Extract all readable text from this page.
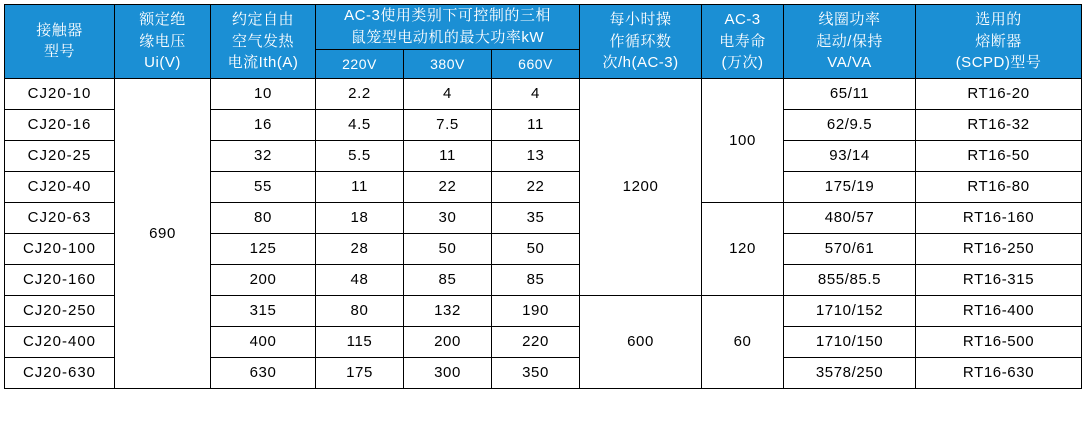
接触器
型号	额定绝
缘电压
Ui(V)	约定自由
空气发热
电流Ith(A)	AC-3使用类别下可控制的三相
鼠笼型电动机的最大功率kW			每小时操
作循环数
次/h(AC-3)	AC-3
电寿命
(万次)	线圈功率
起动/保持
VA/VA	选用的
熔断器
(SCPD)型号

			220V	380V	660V				
CJ20-10	690	10	2.2	4	4	1200	100	65/11	RT16-20
CJ20-16		16	4.5	7.5	11			62/9.5	RT16-32
CJ20-25		32	5.5	11	13			93/14	RT16-50
CJ20-40		55	11	22	22			175/19	RT16-80
CJ20-63		80	18	30	35		120	480/57	RT16-160
CJ20-100		125	28	50	50			570/61	RT16-250
CJ20-160		200	48	85	85			855/85.5	RT16-315
CJ20-250		315	80	132	190	600	60	1710/152	RT16-400
CJ20-400		400	115	200	220			1710/150	RT16-500
CJ20-630		630	175	300	350			3578/250	RT16-630
